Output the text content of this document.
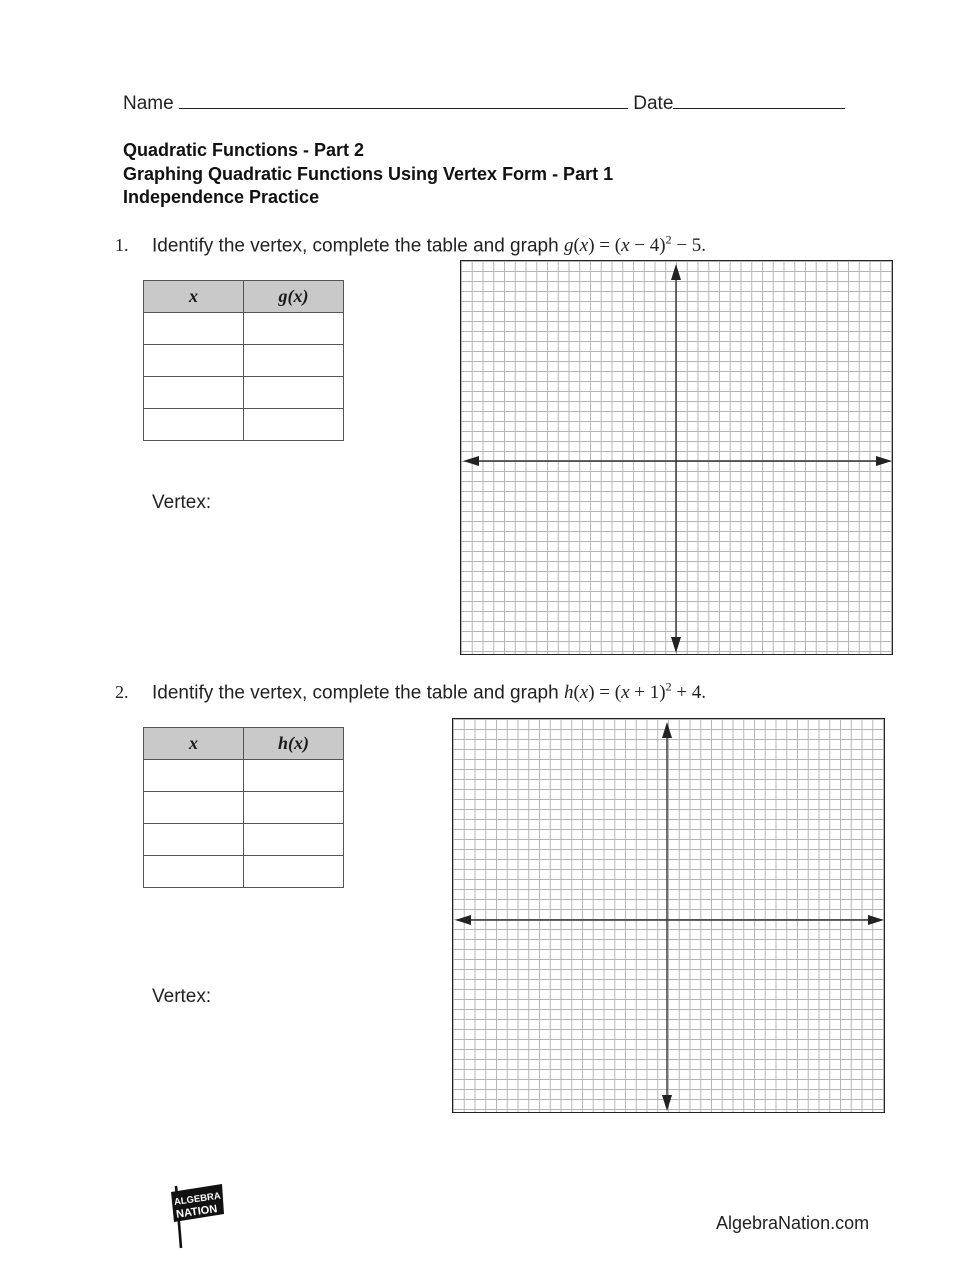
Name	Date
Quadratic Functions - Part 2
Graphing Quadratic Functions Using Vertex Form - Part 1
Independence Practice
1. Identify the vertex, complete the table and graph $g(x) = (x - 4)^2 - 5$.
x	g(x)

Vertex:
2. Identify the vertex, complete the table and graph $h(x) = (x + 1)^2 + 4$.
x	h(x)

Vertex:
ALGEBRA
NATION
AlgebraNation.com
